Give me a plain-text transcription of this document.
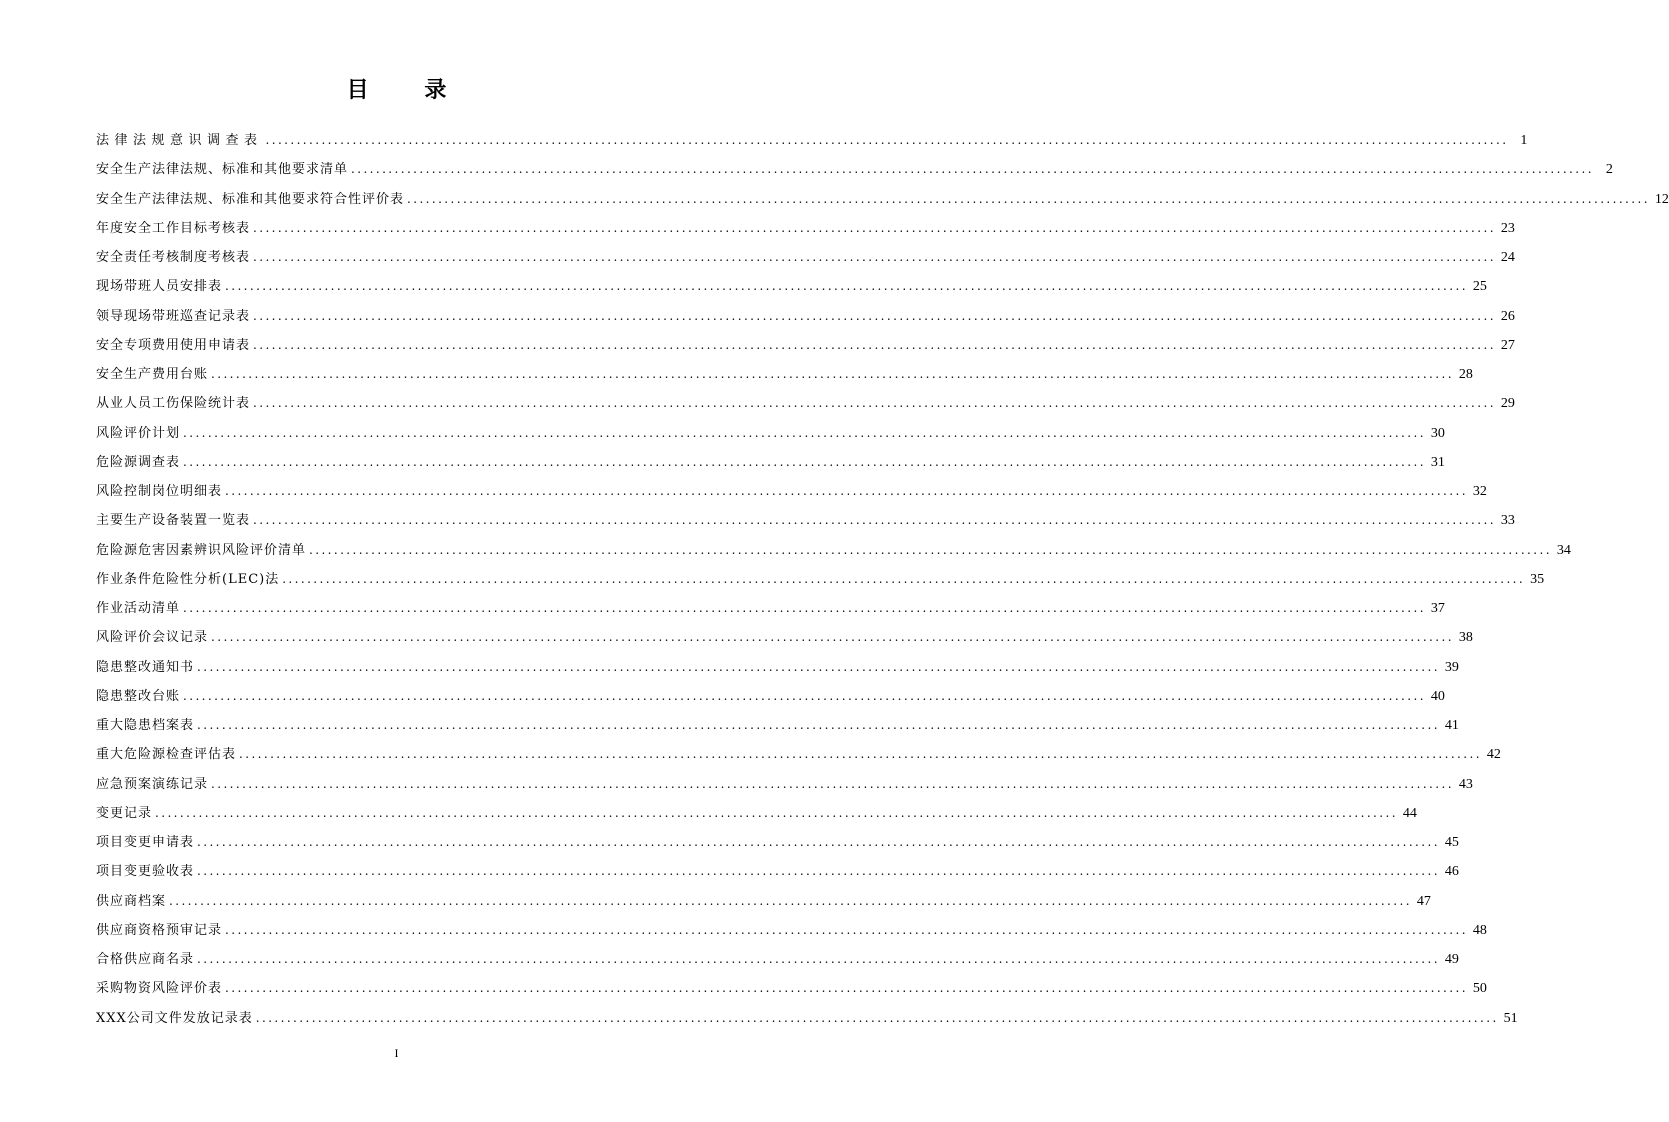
目 录
法律法规意识调查表 ........................................................................................................................................................................................................ 1
安全生产法律法规、标准和其他要求清单 ........................................................................................................................................................................................................ 2
安全生产法律法规、标准和其他要求符合性评价表 ........................................................................................................................................................................................................ 12
年度安全工作目标考核表 ........................................................................................................................................................................................................ 23
安全责任考核制度考核表 ........................................................................................................................................................................................................ 24
现场带班人员安排表 ........................................................................................................................................................................................................ 25
领导现场带班巡查记录表 ........................................................................................................................................................................................................ 26
安全专项费用使用申请表 ........................................................................................................................................................................................................ 27
安全生产费用台账 ........................................................................................................................................................................................................ 28
从业人员工伤保险统计表 ........................................................................................................................................................................................................ 29
风险评价计划 ........................................................................................................................................................................................................ 30
危险源调查表 ........................................................................................................................................................................................................ 31
风险控制岗位明细表 ........................................................................................................................................................................................................ 32
主要生产设备装置一览表 ........................................................................................................................................................................................................ 33
危险源危害因素辨识风险评价清单 ........................................................................................................................................................................................................ 34
作业条件危险性分析(LEC)法 ........................................................................................................................................................................................................ 35
作业活动清单 ........................................................................................................................................................................................................ 37
风险评价会议记录 ........................................................................................................................................................................................................ 38
隐患整改通知书 ........................................................................................................................................................................................................ 39
隐患整改台账 ........................................................................................................................................................................................................ 40
重大隐患档案表 ........................................................................................................................................................................................................ 41
重大危险源检查评估表 ........................................................................................................................................................................................................ 42
应急预案演练记录 ........................................................................................................................................................................................................ 43
变更记录 ........................................................................................................................................................................................................ 44
项目变更申请表 ........................................................................................................................................................................................................ 45
项目变更验收表 ........................................................................................................................................................................................................ 46
供应商档案 ........................................................................................................................................................................................................ 47
供应商资格预审记录 ........................................................................................................................................................................................................ 48
合格供应商名录 ........................................................................................................................................................................................................ 49
采购物资风险评价表 ........................................................................................................................................................................................................ 50
XXX公司文件发放记录表 ........................................................................................................................................................................................................ 51
I
